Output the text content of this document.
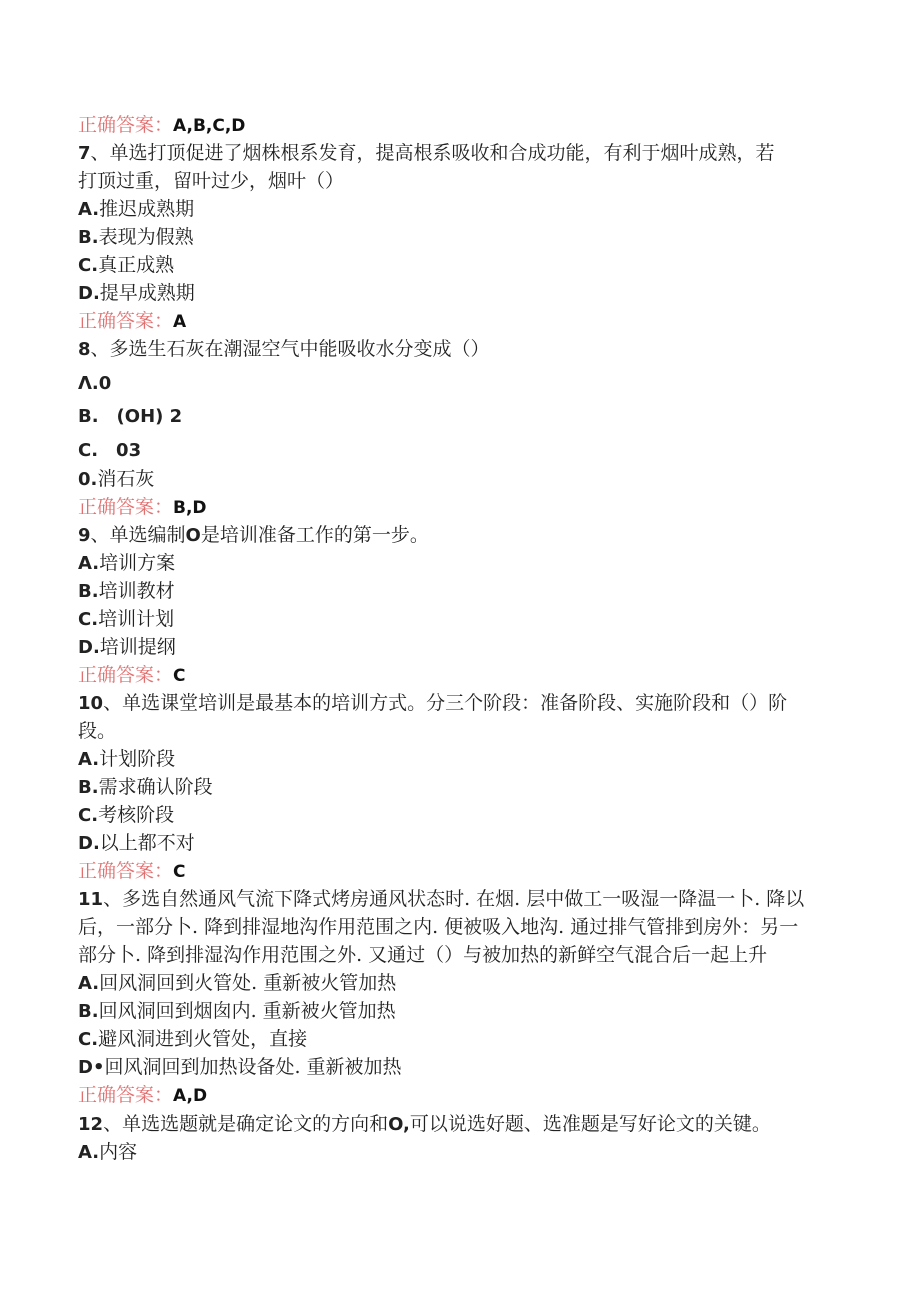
正确答案：A,B,C,D
7、单选打顶促进了烟株根系发育，提高根系吸收和合成功能，有利于烟叶成熟，若
打顶过重，留叶过少，烟叶（）
A.推迟成熟期
B.表现为假熟
C.真正成熟
D.提早成熟期
正确答案：A
8、多选生石灰在潮湿空气中能吸收水分变成（）
Λ.0
B.　(OH) 2
C.　03
0.消石灰
正确答案：B,D
9、单选编制O是培训准备工作的第一步。
A.培训方案
B.培训教材
C.培训计划
D.培训提纲
正确答案：C
10、单选课堂培训是最基本的培训方式。分三个阶段：准备阶段、实施阶段和（）阶
段。
A.计划阶段
B.需求确认阶段
C.考核阶段
D.以上都不对
正确答案：C
11、多选自然通风气流下降式烤房通风状态时. 在烟. 层中做工一吸湿一降温一卜. 降以
后，一部分卜. 降到排湿地沟作用范围之内. 便被吸入地沟. 通过排气管排到房外：另一
部分卜. 降到排湿沟作用范围之外. 又通过（）与被加热的新鲜空气混合后一起上升
A.回风洞回到火管处. 重新被火管加热
B.回风洞回到烟囱内. 重新被火管加热
C.避风洞进到火管处，直接
D•回风洞回到加热设备处. 重新被加热
正确答案：A,D
12、单选选题就是确定论文的方向和O,可以说选好题、选准题是写好论文的关键。
A.内容
